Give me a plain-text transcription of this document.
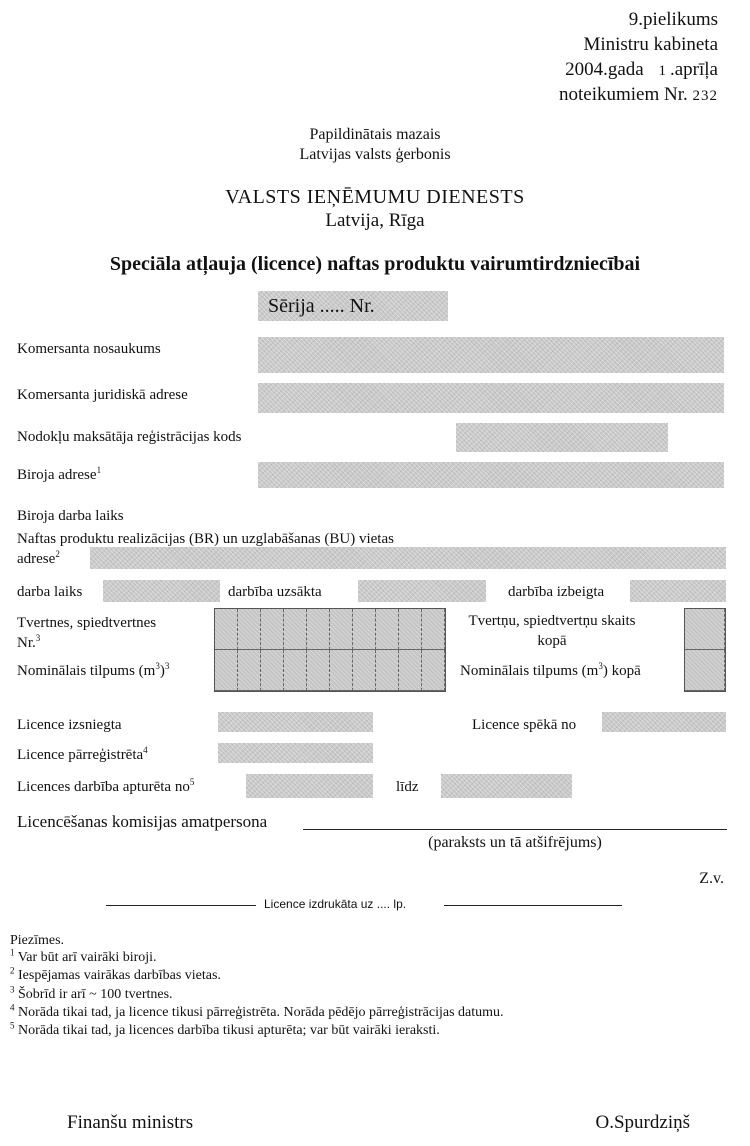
9.pielikums
Ministru kabineta
2004.gada 1 .aprīļa
noteikumiem Nr. 232
Papildinātais mazais
Latvijas valsts ģerbonis
VALSTS IEŅĒMUMU DIENESTS
Latvija, Rīga
Speciāla atļauja (licence) naftas produktu vairumtirdzniecībai
Sērija ..... Nr.
Komersanta nosaukums
Komersanta juridiskā adrese
Nodokļu maksātāja reģistrācijas kods
Biroja adrese$^1$
Biroja darba laiks
Naftas produktu realizācijas (BR) un uzglabāšanas (BU) vietas
adrese$^2$
darba laiks	darbība uzsākta	darbība izbeigta
Tvertnes, spiedtvertnes
Nr.$^3$
Tvertņu, spiedtvertņu skaits
kopā
Nominālais tilpums $(m^3)^3$	Nominālais tilpums $(m^3)$ kopā
Licence izsniegta	Licence spēkā no
Licence pārreģistrēta$^4$
Licences darbība apturēta $no^5$	līdz
Licencēšanas komisijas amatpersona
(paraksts un tā atšifrējums)
Z.v.
Licence izdrukāta uz .... lp.
Piezīmes.
$^1$ Var būt arī vairāki biroji.
$^2$ Iespējamas vairākas darbības vietas.
$^3$ Šobrīd ir arī ~ 100 tvertnes.
$^4$ Norāda tikai tad, ja licence tikusi pārreģistrēta. Norāda pēdējo pārreģistrācijas datumu.
$^5$ Norāda tikai tad, ja licences darbība tikusi apturēta; var būt vairāki ieraksti.
Finanšu ministrs	O.Spurdziņš
